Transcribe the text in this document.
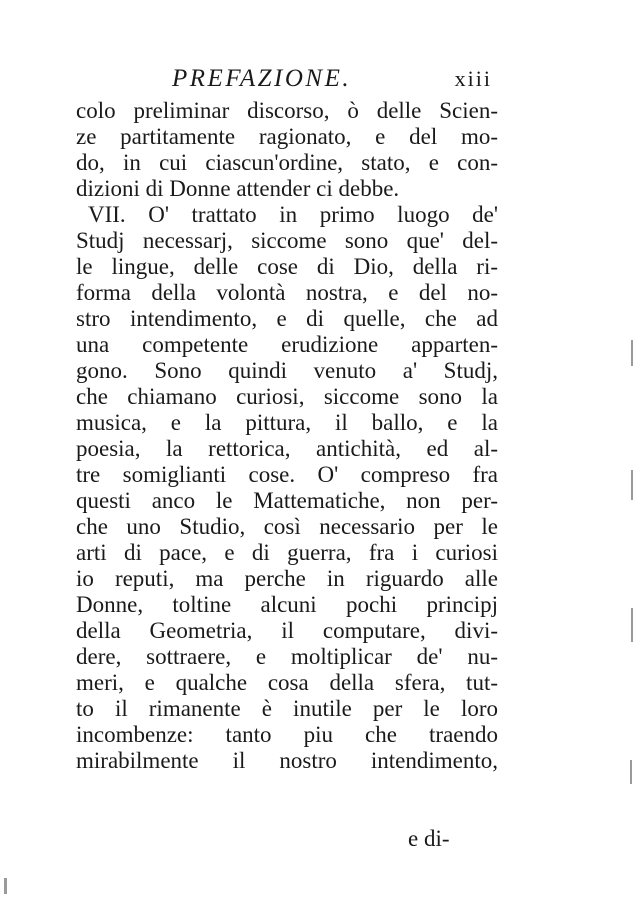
PREFAZIONE.	xiii
colo preliminar discorso, ò delle Scien-
ze partitamente ragionato, e del mo-
do, in cui ciascun'ordine, stato, e con-
dizioni di Donne attender ci debbe.
VII. O' trattato in primo luogo de'
Studj necessarj, siccome sono que' del-
le lingue, delle cose di Dio, della ri-
forma della volontà nostra, e del no-
stro intendimento, e di quelle, che ad
una competente erudizione apparten-
gono. Sono quindi venuto a' Studj,
che chiamano curiosi, siccome sono la
musica, e la pittura, il ballo, e la
poesia, la rettorica, antichità, ed al-
tre somiglianti cose. O' compreso fra
questi anco le Mattematiche, non per-
che uno Studio, così necessario per le
arti di pace, e di guerra, fra i curiosi
io reputi, ma perche in riguardo alle
Donne, toltine alcuni pochi principj
della Geometria, il computare, divi-
dere, sottraere, e moltiplicar de' nu-
meri, e qualche cosa della sfera, tut-
to il rimanente è inutile per le loro
incombenze: tanto piu che traendo
mirabilmente il nostro intendimento,
e di-
